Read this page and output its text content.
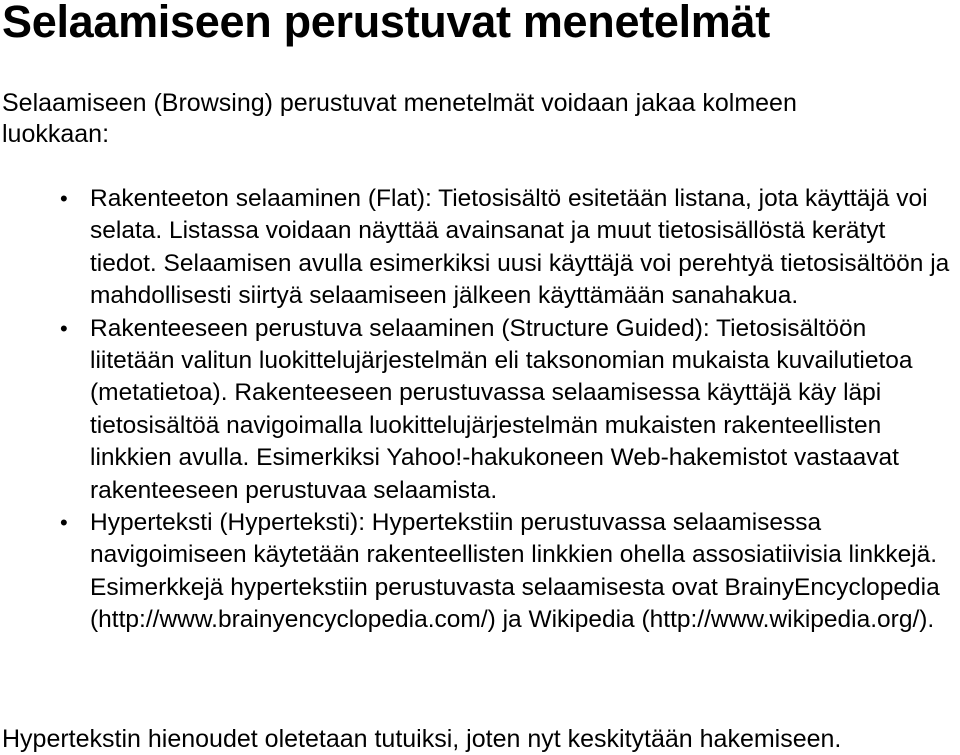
Selaamiseen perustuvat menetelmät

Selaamiseen (Browsing) perustuvat menetelmät voidaan jakaa kolmeen luokkaan:

• Rakenteeton selaaminen (Flat): Tietosisältö esitetään listana, jota käyttäjä voi selata. Listassa voidaan näyttää avainsanat ja muut tietosisällöstä kerätyt tiedot. Selaamisen avulla esimerkiksi uusi käyttäjä voi perehtyä tietosisältöön ja mahdollisesti siirtyä selaamiseen jälkeen käyttämään sanahakua.
• Rakenteeseen perustuva selaaminen (Structure Guided): Tietosisältöön liitetään valitun luokittelujärjestelmän eli taksonomian mukaista kuvailutietoa (metatietoa). Rakenteeseen perustuvassa selaamisessa käyttäjä käy läpi tietosisältöä navigoimalla luokittelujärjestelmän mukaisten rakenteellisten linkkien avulla. Esimerkiksi Yahoo!-hakukoneen Web-hakemistot vastaavat rakenteeseen perustuvaa selaamista.
• Hyperteksti (Hyperteksti): Hypertekstiin perustuvassa selaamisessa navigoimiseen käytetään rakenteellisten linkkien ohella assosiatiivisia linkkejä. Esimerkkejä hypertekstiin perustuvasta selaamisesta ovat BrainyEncyclopedia (http://www.brainyencyclopedia.com/) ja Wikipedia (http://www.wikipedia.org/).

Hypertekstin hienoudet oletetaan tutuiksi, joten nyt keskitytään hakemiseen.
